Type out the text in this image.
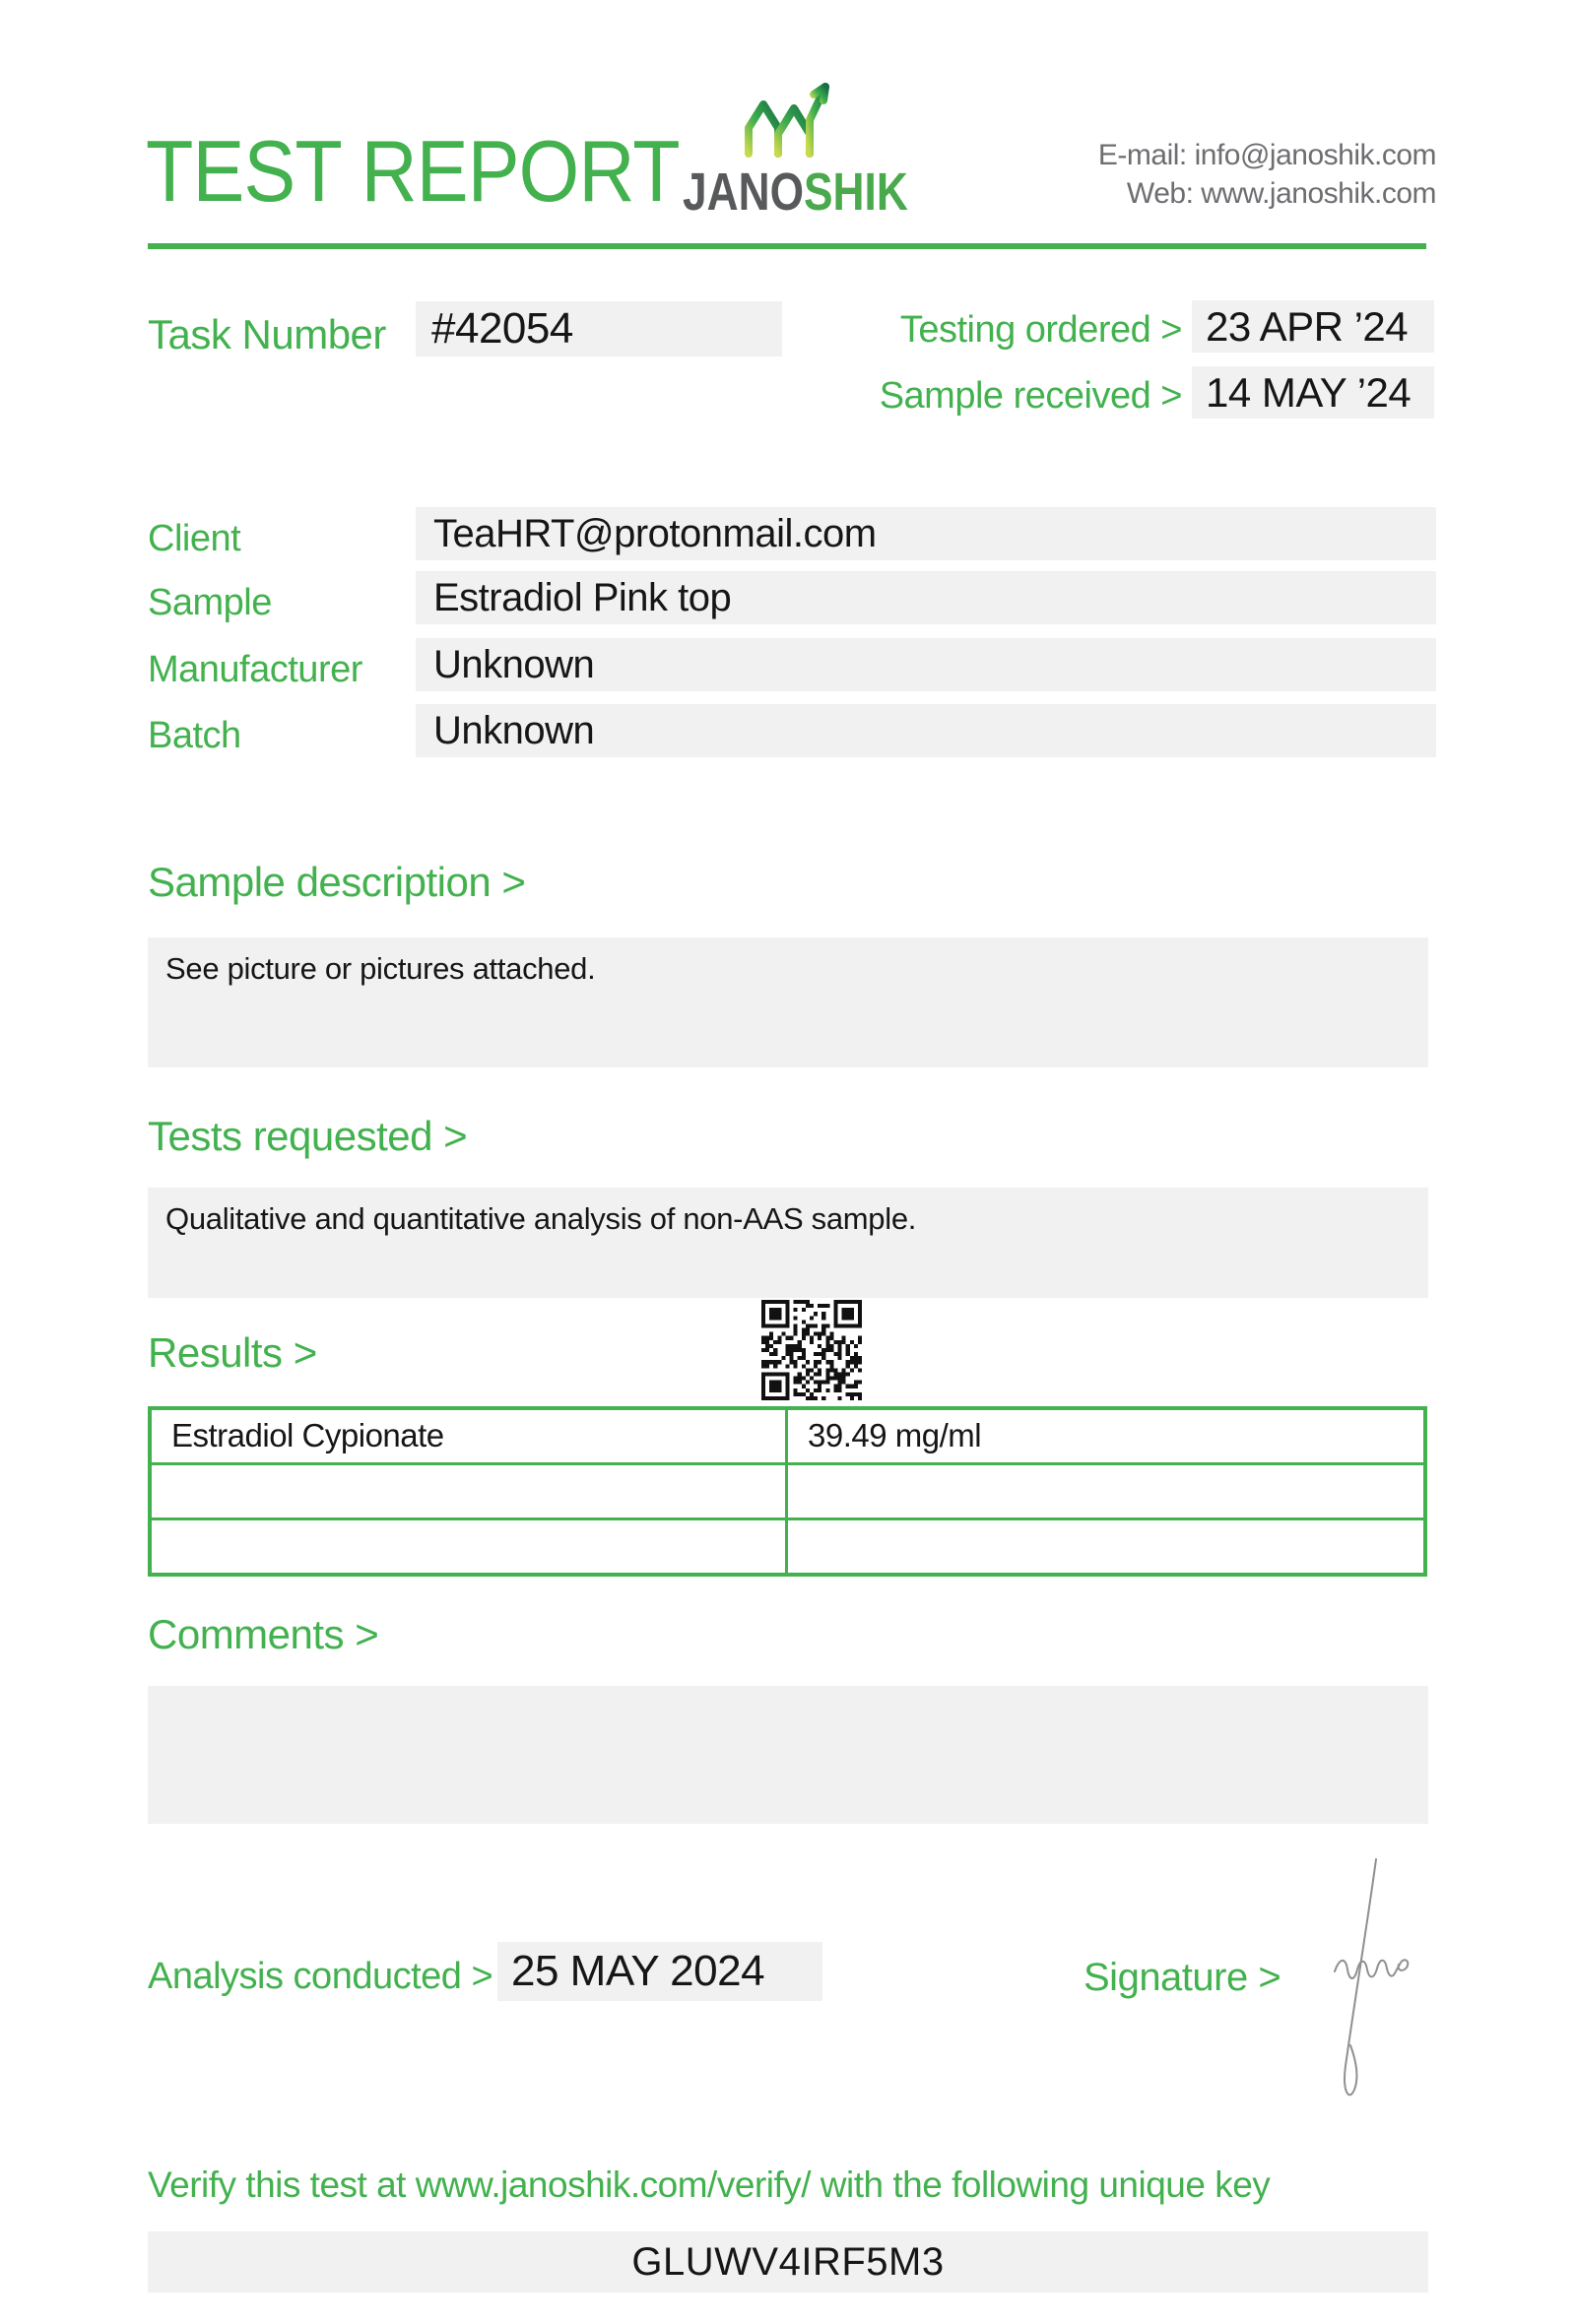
TEST REPORT JANOSHIK
E-mail: info@janoshik.com
Web: www.janoshik.com
Task Number	#42054	Testing ordered > 23 APR ’24
Sample received > 14 MAY ’24
Client	TeaHRT@protonmail.com
Sample	Estradiol Pink top
Manufacturer	Unknown
Batch	Unknown
Sample description >
See picture or pictures attached.
Tests requested >
Qualitative and quantitative analysis of non-AAS sample.
Results >
Estradiol Cypionate	39.49 mg/ml
Comments >
Analysis conducted > 25 MAY 2024	Signature >
Verify this test at www.janoshik.com/verify/ with the following unique key
GLUWV4IRF5M3
